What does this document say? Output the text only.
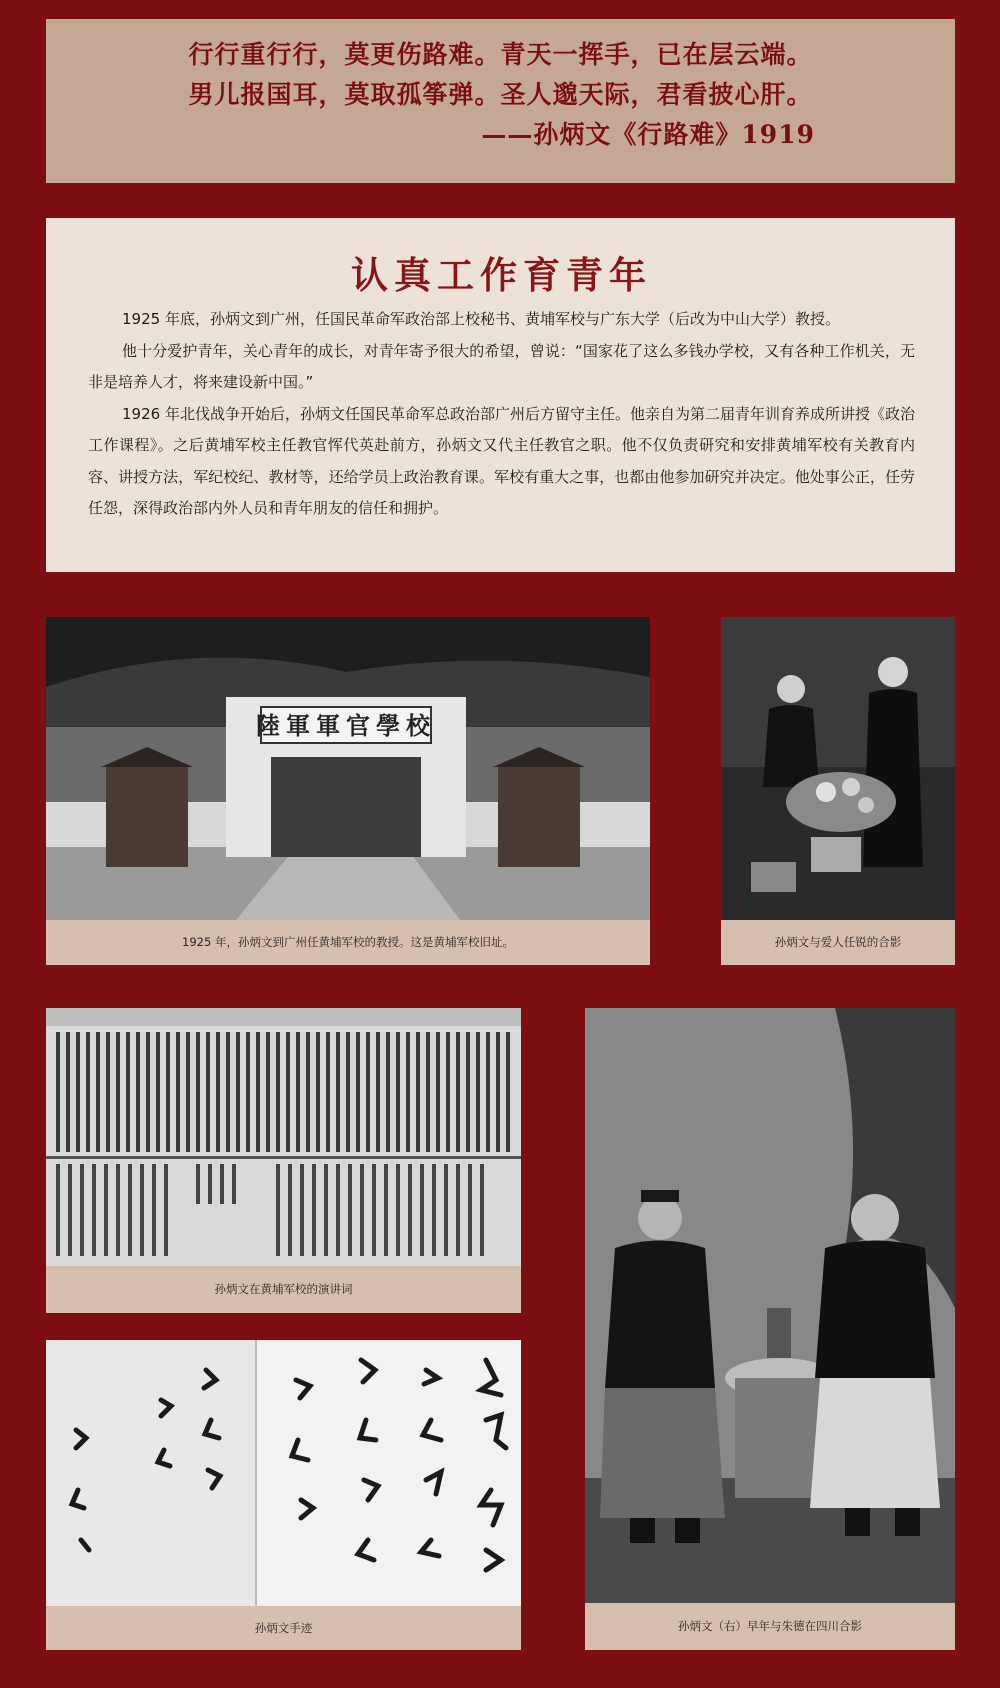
行行重行行，莫更伤路难。青天一挥手，已在层云端。
男儿报国耳，莫取孤筝弹。圣人邈天际，君看披心肝。
——孙炳文《行路难》1919
认真工作育青年

1925 年底，孙炳文到广州，任国民革命军政治部上校秘书、黄埔军校与广东大学（后改为中山大学）教授。

他十分爱护青年，关心青年的成长，对青年寄予很大的希望，曾说：“国家花了这么多钱办学校，又有各种工作机关，无非是培养人才，将来建设新中国。”

1926 年北伐战争开始后，孙炳文任国民革命军总政治部广州后方留守主任。他亲自为第二届青年训育养成所讲授《政治工作课程》。之后黄埔军校主任教官恽代英赴前方，孙炳文又代主任教官之职。他不仅负责研究和安排黄埔军校有关教育内容、讲授方法，军纪校纪、教材等，还给学员上政治教育课。军校有重大之事，也都由他参加研究并决定。他处事公正，任劳任怨，深得政治部内外人员和青年朋友的信任和拥护。

陸軍軍官學校
1925 年，孙炳文到广州任黄埔军校的教授。这是黄埔军校旧址。	孙炳文与爱人任锐的合影
孙炳文在黄埔军校的演讲词
孙炳文手迹	孙炳文（右）早年与朱德在四川合影
